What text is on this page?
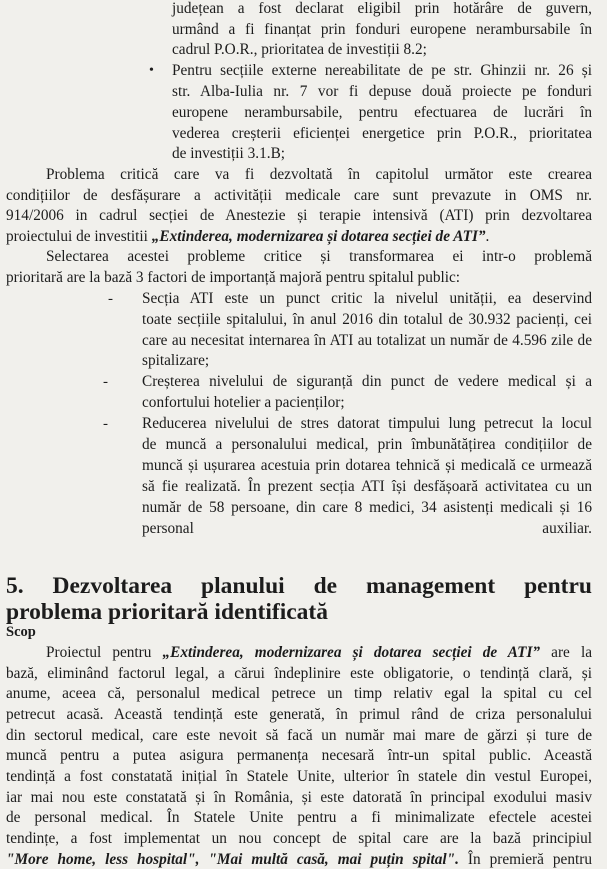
județean a fost declarat eligibil prin hotărâre de guvern,

urmând a fi finanțat prin fonduri europene nerambursabile în

cadrul P.O.R., prioritatea de investiții 8.2;

• Pentru secțiile externe nereabilitate de pe str. Ghinzii nr. 26 și

str. Alba-Iulia nr. 7 vor fi depuse două proiecte pe fonduri

europene nerambursabile, pentru efectuarea de lucrări în

vederea creșterii eficienței energetice prin P.O.R., prioritatea

de investiții 3.1.B;

Problema critică care va fi dezvoltată în capitolul următor este crearea

condițiilor de desfășurare a activității medicale care sunt prevazute in OMS nr.

914/2006 in cadrul secției de Anestezie și terapie intensivă (ATI) prin dezvoltarea

proiectului de investitii „Extinderea, modernizarea și dotarea secției de ATI”.

Selectarea acestei probleme critice și transformarea ei intr-o problemă

prioritară are la bază 3 factori de importanță majoră pentru spitalul public:

- Secția ATI este un punct critic la nivelul unității, ea deservind

toate secțiile spitalului, în anul 2016 din totalul de 30.932 pacienți, cei

care au necesitat internarea în ATI au totalizat un număr de 4.596 zile de

spitalizare;

- Creșterea nivelului de siguranță din punct de vedere medical și a

confortului hotelier a pacienților;

- Reducerea nivelului de stres datorat timpului lung petrecut la locul

de muncă a personalului medical, prin îmbunătățirea condițiilor de

muncă și ușurarea acestuia prin dotarea tehnică și medicală ce urmează

să fie realizată. În prezent secția ATI își desfășoară activitatea cu un

număr de 58 persoane, din care 8 medici, 34 asistenți medicali și 16

personal auxiliar.

5. Dezvoltarea planului de management pentru

problema prioritară identificată

Scop

Proiectul pentru „Extinderea, modernizarea și dotarea secției de ATI” are la

bază, eliminând factorul legal, a cărui îndeplinire este obligatorie, o tendință clară, și

anume, aceea că, personalul medical petrece un timp relativ egal la spital cu cel

petrecut acasă. Această tendință este generată, în primul rând de criza personalului

din sectorul medical, care este nevoit să facă un număr mai mare de gărzi și ture de

muncă pentru a putea asigura permanența necesară într-un spital public. Această

tendință a fost constatată inițial în Statele Unite, ulterior în statele din vestul Europei,

iar mai nou este constatată și în România, și este datorată în principal exodului masiv

de personal medical. În Statele Unite pentru a fi minimalizate efectele acestei

tendințe, a fost implementat un nou concept de spital care are la bază principiul

"More home, less hospital", "Mai multă casă, mai puțin spital". În premieră pentru
